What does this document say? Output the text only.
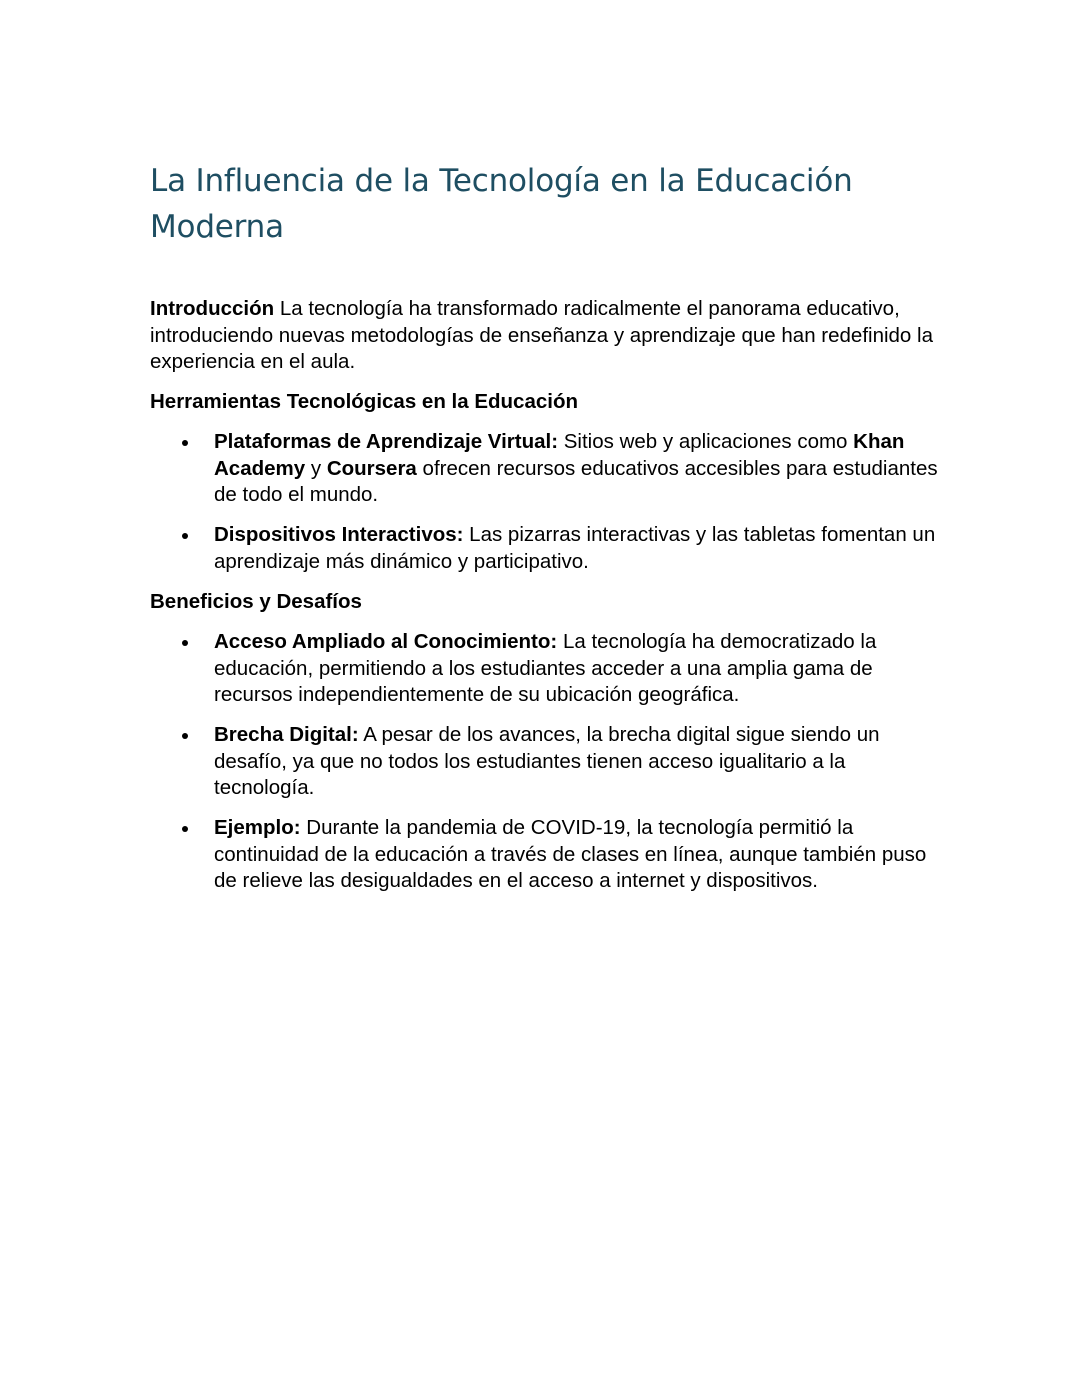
La Influencia de la Tecnología en la Educación Moderna

Introducción La tecnología ha transformado radicalmente el panorama educativo, introduciendo nuevas metodologías de enseñanza y aprendizaje que han redefinido la experiencia en el aula.

Herramientas Tecnológicas en la Educación

Plataformas de Aprendizaje Virtual: Sitios web y aplicaciones como Khan Academy y Coursera ofrecen recursos educativos accesibles para estudiantes de todo el mundo.
Dispositivos Interactivos: Las pizarras interactivas y las tabletas fomentan un aprendizaje más dinámico y participativo.

Beneficios y Desafíos

Acceso Ampliado al Conocimiento: La tecnología ha democratizado la educación, permitiendo a los estudiantes acceder a una amplia gama de recursos independientemente de su ubicación geográfica.
Brecha Digital: A pesar de los avances, la brecha digital sigue siendo un desafío, ya que no todos los estudiantes tienen acceso igualitario a la tecnología.
Ejemplo: Durante la pandemia de COVID-19, la tecnología permitió la continuidad de la educación a través de clases en línea, aunque también puso de relieve las desigualdades en el acceso a internet y dispositivos.
